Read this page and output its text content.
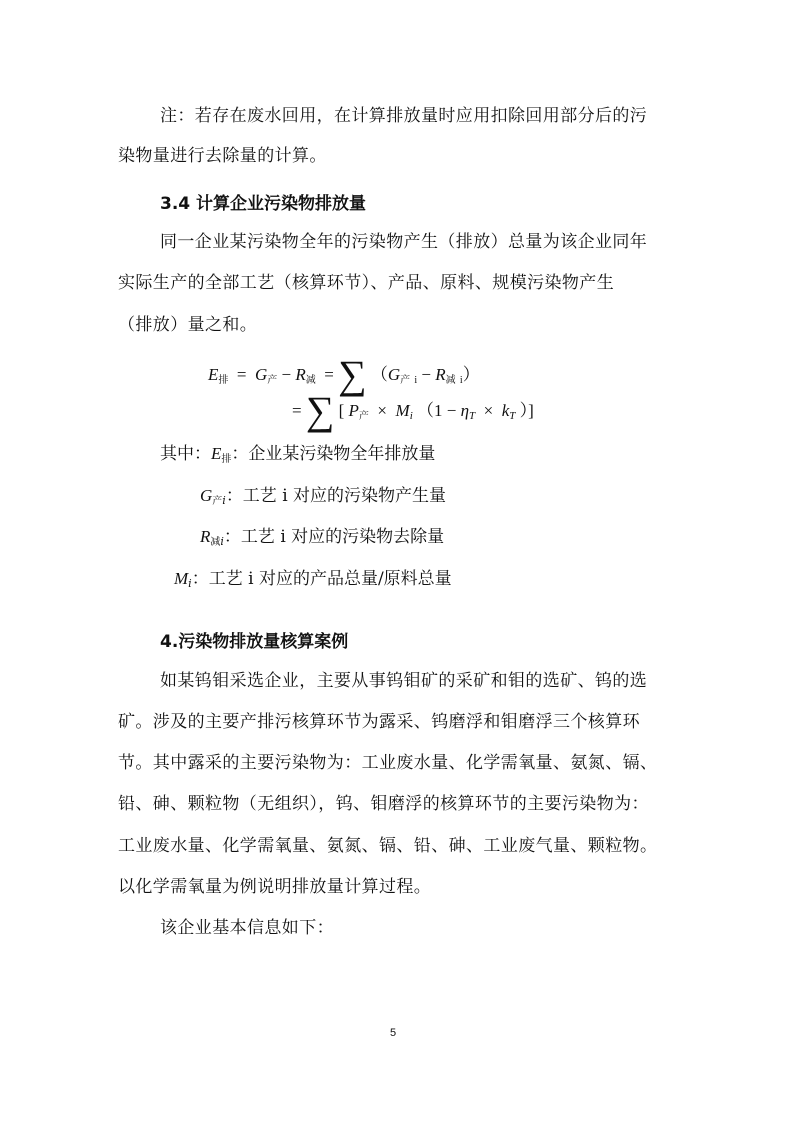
注：若存在废水回用，在计算排放量时应用扣除回用部分后的污
染物量进行去除量的计算。
3.4 计算企业污染物排放量
同一企业某污染物全年的污染物产生（排放）总量为该企业同年
实际生产的全部工艺（核算环节）、产品、原料、规模污染物产生
（排放）量之和。
$E_排 = G_产 - R_减$ = ∑ （$G_产$ $_i - R_减$ $_i$）
= ∑ [ $P_产 \times Mi$ （1 − ηT × kT ）]
其中：$E_排$：企业某污染物全年排放量
$G_产i$：工艺 i 对应的污染物产生量
$R_减i$：工艺 i 对应的污染物去除量
Mi：工艺 i 对应的产品总量/原料总量
4.污染物排放量核算案例
如某钨钼采选企业，主要从事钨钼矿的采矿和钼的选矿、钨的选
矿。涉及的主要产排污核算环节为露采、钨磨浮和钼磨浮三个核算环
节。其中露采的主要污染物为：工业废水量、化学需氧量、氨氮、镉、
铅、砷、颗粒物（无组织），钨、钼磨浮的核算环节的主要污染物为：
工业废水量、化学需氧量、氨氮、镉、铅、砷、工业废气量、颗粒物。
以化学需氧量为例说明排放量计算过程。
该企业基本信息如下：
5
